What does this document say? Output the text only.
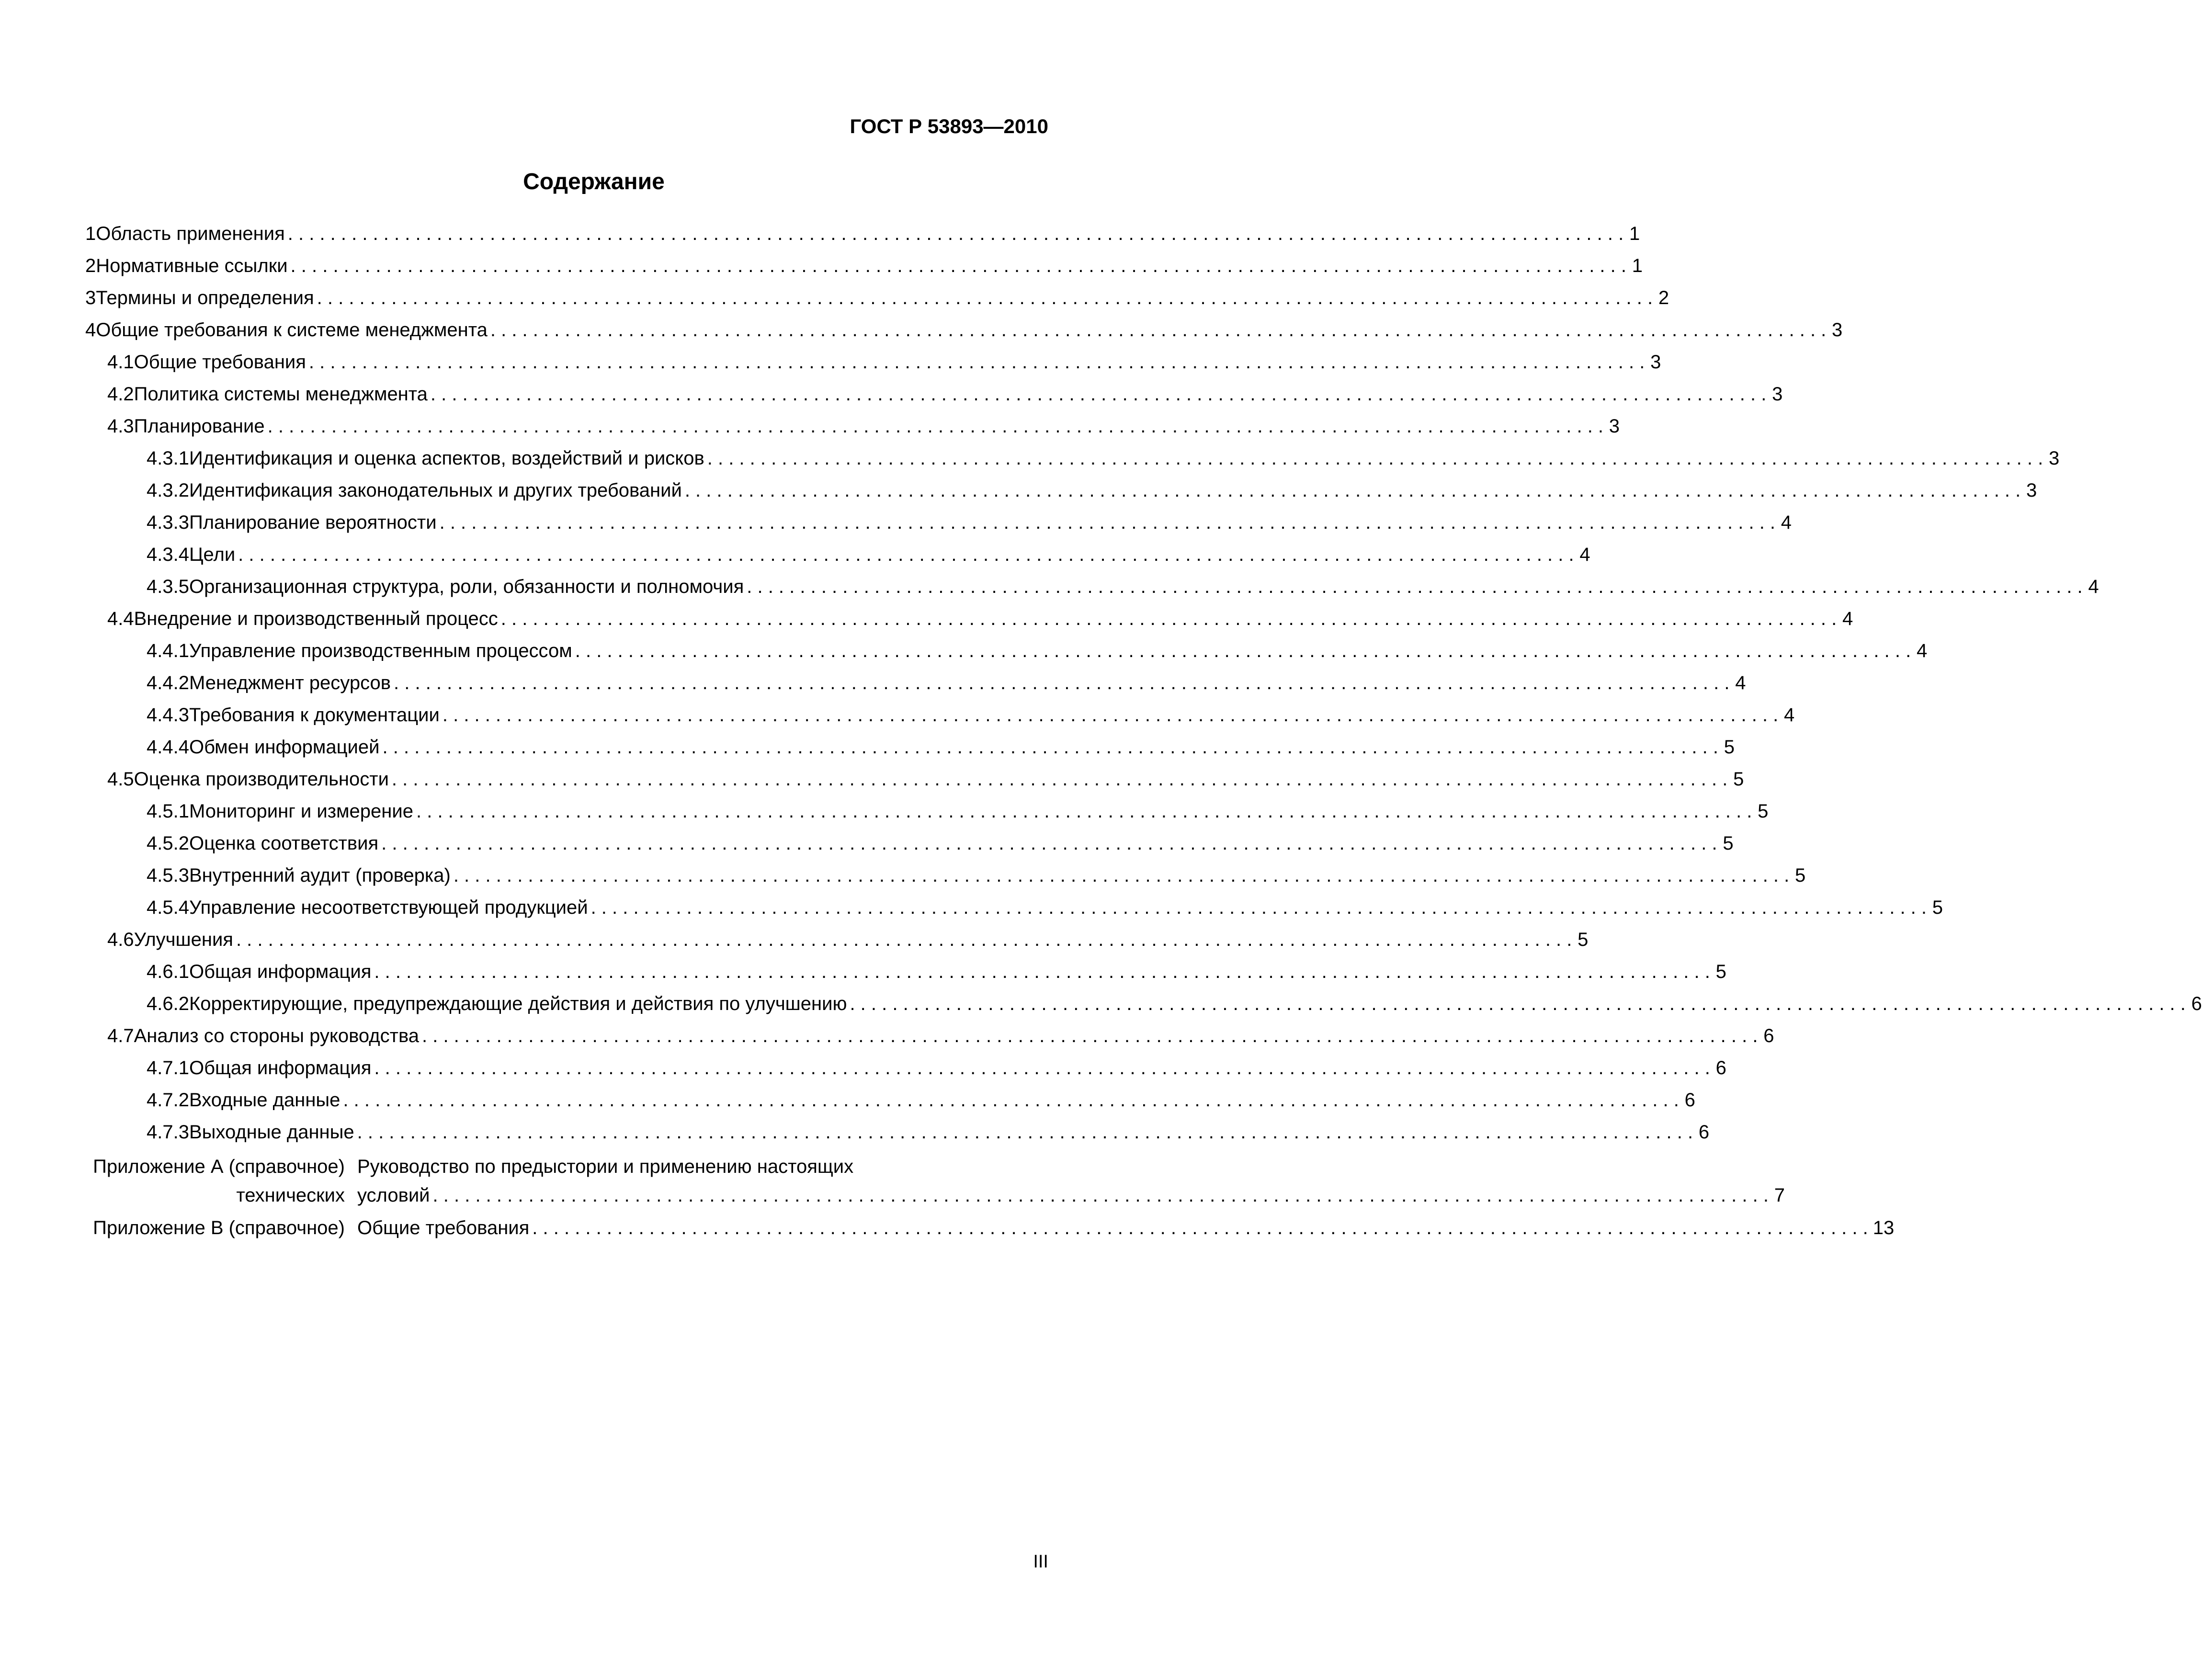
ГОСТ Р 53893—2010
Содержание
1 Область применения . . .	1
2 Нормативные ссылки . . .	1
3 Термины и определения . . .	2
4 Общие требования к системе менеджмента . . .	3
4.1 Общие требования . . .	3
4.2 Политика системы менеджмента . . .	3
4.3 Планирование . . .	3
4.3.1 Идентификация и оценка аспектов, воздействий и рисков . . .	3
4.3.2 Идентификация законодательных и других требований . . .	3
4.3.3 Планирование вероятности . . .	4
4.3.4 Цели . . .	4
4.3.5 Организационная структура, роли, обязанности и полномочия . . .	4
4.4 Внедрение и производственный процесс . . .	4
4.4.1 Управление производственным процессом . . .	4
4.4.2 Менеджмент ресурсов . . .	4
4.4.3 Требования к документации . . .	4
4.4.4 Обмен информацией . . .	5
4.5 Оценка производительности . . .	5
4.5.1 Мониторинг и измерение . . .	5
4.5.2 Оценка соответствия . . .	5
4.5.3 Внутренний аудит (проверка) . . .	5
4.5.4 Управление несоответствующей продукцией . . .	5
4.6 Улучшения . . .	5
4.6.1 Общая информация . . .	5
4.6.2 Корректирующие, предупреждающие действия и действия по улучшению . . .	6
4.7 Анализ со стороны руководства . . .	6
4.7.1 Общая информация . . .	6
4.7.2 Входные данные . . .	6
4.7.3 Выходные данные . . .	6
Приложение А (справочное) Руководство по предыстории и применению настоящих
технических условий . . .	7
Приложение В (справочное) Общие требования . . .	13
III
